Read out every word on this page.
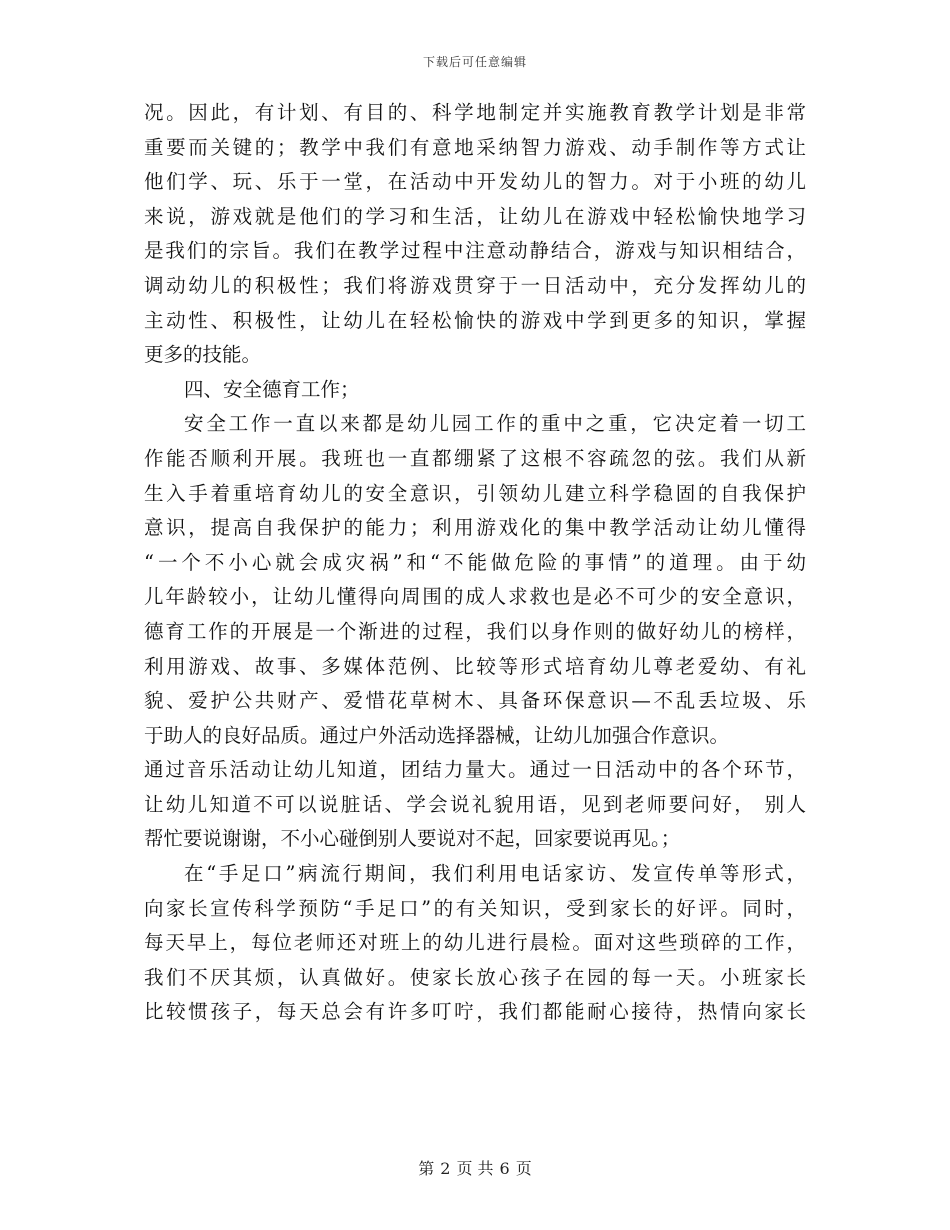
下载后可任意编辑
况。因此，有计划、有目的、科学地制定并实施教育教学计划是非常
重要而关键的；教学中我们有意地采纳智力游戏、动手制作等方式让
他们学、玩、乐于一堂，在活动中开发幼儿的智力。对于小班的幼儿
来说，游戏就是他们的学习和生活，让幼儿在游戏中轻松愉快地学习
是我们的宗旨。我们在教学过程中注意动静结合，游戏与知识相结合，
调动幼儿的积极性；我们将游戏贯穿于一日活动中，充分发挥幼儿的
主动性、积极性，让幼儿在轻松愉快的游戏中学到更多的知识，掌握
更多的技能。
四、安全德育工作；
安全工作一直以来都是幼儿园工作的重中之重，它决定着一切工
作能否顺利开展。我班也一直都绷紧了这根不容疏忽的弦。我们从新
生入手着重培育幼儿的安全意识，引领幼儿建立科学稳固的自我保护
意识，提高自我保护的能力；利用游戏化的集中教学活动让幼儿懂得
“一个不小心就会成灾祸”和“不能做危险的事情”的道理。由于幼
儿年龄较小，让幼儿懂得向周围的成人求救也是必不可少的安全意识，
德育工作的开展是一个渐进的过程，我们以身作则的做好幼儿的榜样，
利用游戏、故事、多媒体范例、比较等形式培育幼儿尊老爱幼、有礼
貌、爱护公共财产、爱惜花草树木、具备环保意识—不乱丢垃圾、乐
于助人的良好品质。通过户外活动选择器械，让幼儿加强合作意识。
通过音乐活动让幼儿知道，团结力量大。通过一日活动中的各个环节，
让幼儿知道不可以说脏话、学会说礼貌用语，见到老师要问好， 别人
帮忙要说谢谢，不小心碰倒别人要说对不起，回家要说再见。；
在“手足口”病流行期间，我们利用电话家访、发宣传单等形式，
向家长宣传科学预防“手足口”的有关知识，受到家长的好评。同时，
每天早上，每位老师还对班上的幼儿进行晨检。面对这些琐碎的工作，
我们不厌其烦，认真做好。使家长放心孩子在园的每一天。小班家长
比较惯孩子，每天总会有许多叮咛，我们都能耐心接待，热情向家长
第 2 页 共 6 页
